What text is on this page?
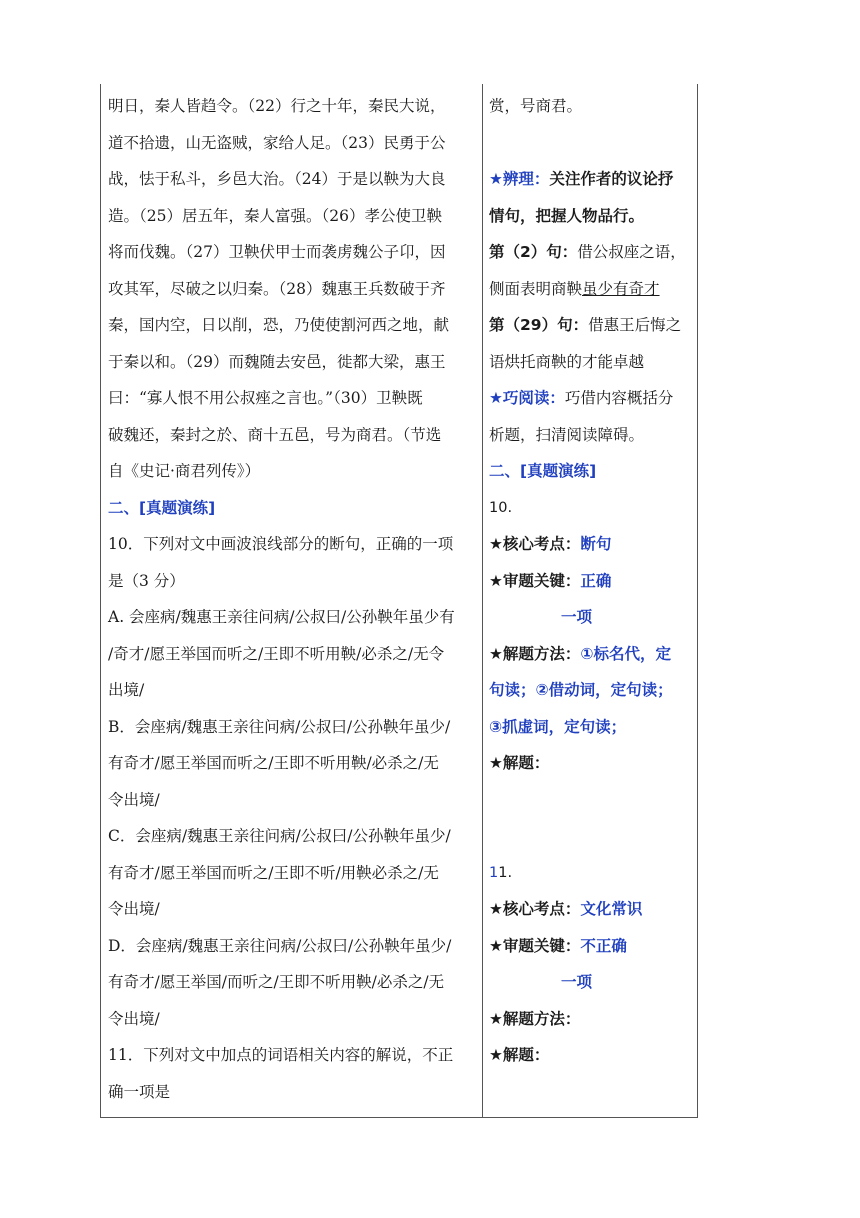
明日，秦人皆趋令。（22）行之十年，秦民大说，
道不拾遗，山无盗贼，家给人足。（23）民勇于公
战，怯于私斗，乡邑大治。（24）于是以鞅为大良
造。（25）居五年，秦人富强。（26）孝公使卫鞅
将而伐魏。（27）卫鞅伏甲士而袭虏魏公子卬，因
攻其军，尽破之以归秦。（28）魏惠王兵数破于齐
秦，国内空，日以削，恐，乃使使割河西之地，献
于秦以和。（29）而魏随去安邑，徙都大梁，惠王
曰：“寡人恨不用公叔痤之言也。”（30）卫鞅既
破魏还，秦封之於、商十五邑，号为商君。（节选
自《史记·商君列传》）
二、[真题演练]
10．下列对文中画波浪线部分的断句，正确的一项
是（3 分）
A. 会座病/魏惠王亲往问病/公叔曰/公孙鞅年虽少有
/奇才/愿王举国而听之/王即不听用鞅/必杀之/无令
出境/
B．会座病/魏惠王亲往问病/公叔曰/公孙鞅年虽少/
有奇才/愿王举国而听之/王即不听用鞅/必杀之/无
令出境/
C．会座病/魏惠王亲往问病/公叔曰/公孙鞅年虽少/
有奇才/愿王举国而听之/王即不听/用鞅必杀之/无
令出境/
D．会座病/魏惠王亲往问病/公叔曰/公孙鞅年虽少/
有奇才/愿王举国/而听之/王即不听用鞅/必杀之/无
令出境/
11．下列对文中加点的词语相关内容的解说，不正
确一项是
赏，号商君。
★辨理：关注作者的议论抒
情句，把握人物品行。
第（2）句：借公叔座之语，
侧面表明商鞅虽少有奇才
第（29）句：借惠王后悔之
语烘托商鞅的才能卓越
★巧阅读：巧借内容概括分
析题，扫清阅读障碍。
二、[真题演练]
10.
★核心考点：断句
★审题关键：正确
一项
★解题方法：①标名代，定
句读；②借动词，定句读；
③抓虚词，定句读；
★解题：
11.
★核心考点：文化常识
★审题关键：不正确
一项
★解题方法：
★解题：
